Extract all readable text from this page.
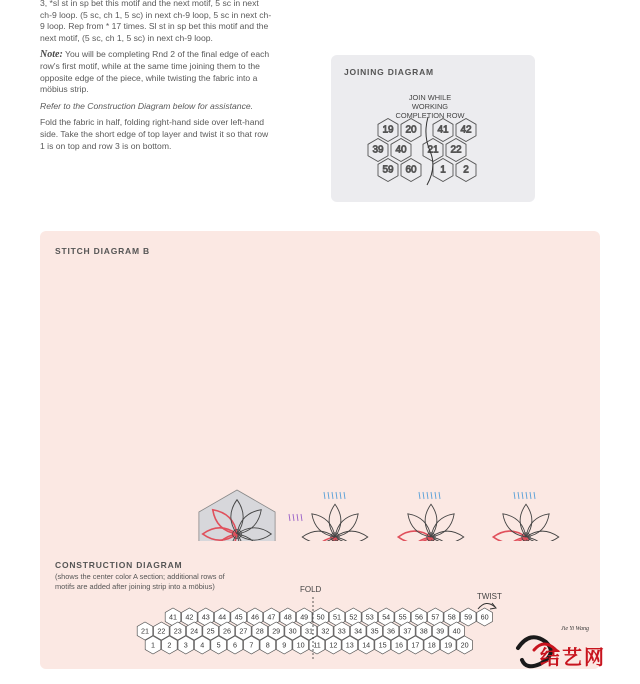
3, *sl st in sp bet this motif and the next motif, 5 sc in next ch-9 loop. (5 sc, ch 1, 5 sc) in next ch-9 loop, 5 sc in next ch-9 loop. Rep from * 17 times. Sl st in sp bet this motif and the next motif, (5 sc, ch 1, 5 sc) in next ch-9 loop.

Note: You will be completing Rnd 2 of the final edge of each row's first motif, while at the same time joining them to the opposite edge of the piece, while twisting the fabric into a möbius strip.

Refer to the Construction Diagram below for assistance.

Fold the fabric in half, folding right-hand side over left-hand side. Take the short edge of top layer and twist it so that row 1 is on top and row 3 is on bottom.

JOINING DIAGRAM
JOIN WHILE
WORKING
COMPLETION ROW
19 20
39 40
59 60
41 42
21 22
1 2
STITCH DIAGRAM B
CONSTRUCTION DIAGRAM
(shows the center color A section; additional rows of
motifs are added after joining strip into a möbius)	FOLD
TWIST
41 42 43 44 45 46 47 48 49 50 51 52 53 54 55 56 57 58 59 60
21 22 23 24 25 26 27 28 29 30 31 32 33 34 35 36 37 38 39 40
1 2 3 4 5 6 7 8 9 10 11 12 13 14 15 16 17 18 19 20
Jie Yi Wang
结艺网
